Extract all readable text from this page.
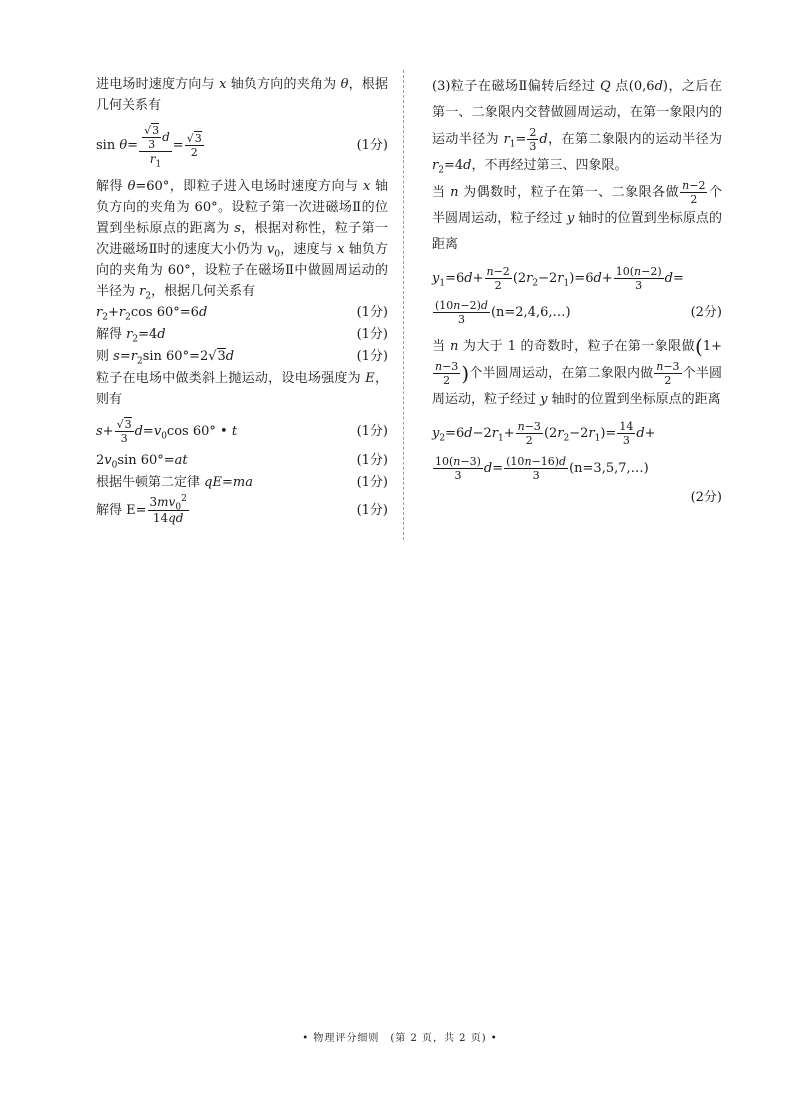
进电场时速度方向与 x 轴负方向的夹角为 θ，根据几何关系有

$\sin \theta= \frac{\frac{√3}{3} d}{r_1} = \frac{√3}{2}$	(1分)

解得 θ=60°，即粒子进入电场时速度方向与 x 轴负方向的夹角为 60°。设粒子第一次进磁场Ⅱ的位置到坐标原点的距离为 s，根据对称性，粒子第一次进磁场Ⅱ时的速度大小仍为 $v_0$，速度与 x 轴负方向的夹角为 60°，设粒子在磁场Ⅱ中做圆周运动的半径为 $r_2$，根据几何关系有

$r_2+r_2\cos$ 60°=6d	(1分)
解得 $r_2=4d$	(1分)
则 $s=r_2\sin$ 60°=2√3d	(1分)

粒子在电场中做类斜上抛运动，设电场强度为 E，则有

$s+ \frac{√3}{3} d=v_0\cos$ 60° • t	(1分)
$2v_0\sin$ 60°=at	(1分)
根据牛顿第二定律 qE=ma	(1分)
解得 $E= \frac{3mv_0^2}{14qd}$	(1分)

(3)粒子在磁场Ⅱ偏转后经过 Q 点(0,6d)，之后在第一、二象限内交替做圆周运动，在第一象限内的运动半径为 $r_1= \frac{2}{3}$ d，在第二象限内的运动半径为 $r_2=4d$，不再经过第三、四象限。

当 n 为偶数时，粒子在第一、二象限各做 $\frac{n-2}{2}$ 个半圆周运动，粒子经过 y 轴时的位置到坐标原点的距离

$y_1=6d+ \frac{n-2}{2} (2r_2-2r_1)=6d+ \frac{10(n-2)}{3} d=$

$\frac{(10n-2)d}{3}$ (n=2,4,6,…)	(2分)

当 n 为大于 1 的奇数时，粒子在第一象限做(1+
$\frac{n-3}{2}$ )个半圆周运动，在第二象限内做 $\frac{n-3}{2}$ 个半圆周运动，粒子经过 y 轴时的位置到坐标原点的距离

$y_2=6d-2r_1+ \frac{n-3}{2} (2r_2-2r_1)= \frac{14}{3} d+$

$\frac{10(n-3)}{3} d= \frac{(10n-16)d}{3}$ (n=3,5,7,…)

(2分)

• 物理评分细则　(第 2 页，共 2 页) •
